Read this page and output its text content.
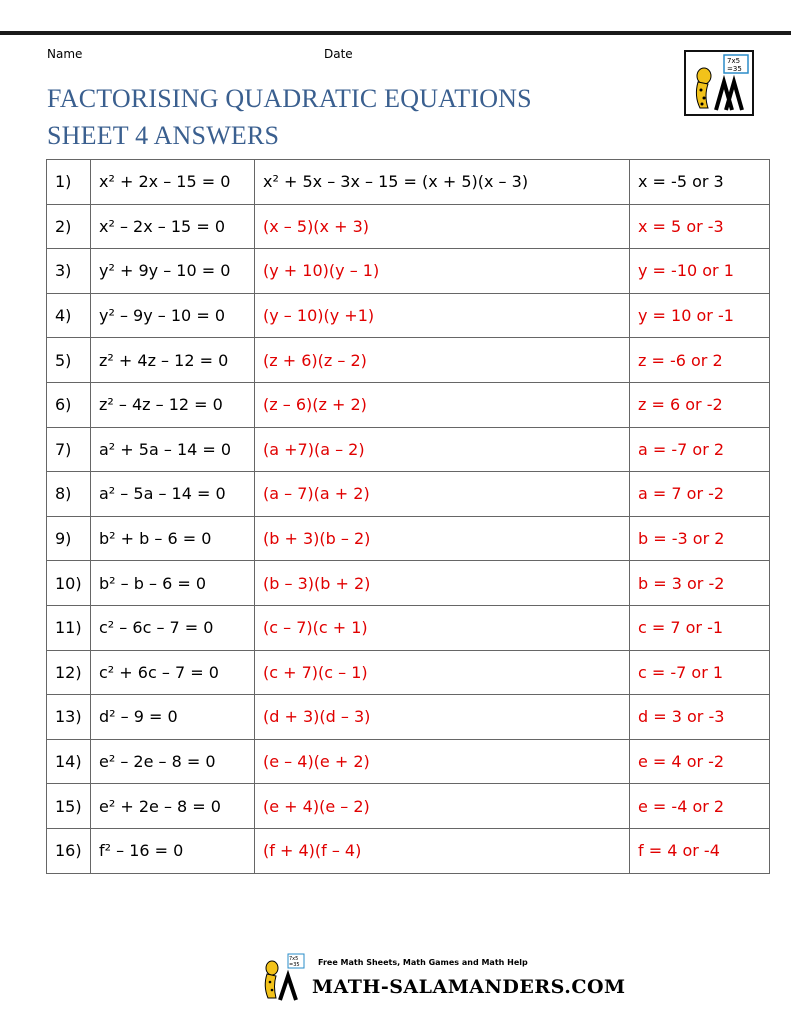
Name	Date
FACTORISING QUADRATIC EQUATIONS
SHEET 4 ANSWERS
7x5
=35
1)	x² + 2x – 15 = 0	x² + 5x – 3x – 15 = (x + 5)(x – 3)	x = -5 or 3
2)	x² – 2x – 15 = 0	(x – 5)(x + 3)	x = 5 or -3
3)	y² + 9y – 10 = 0	(y + 10)(y – 1)	y = -10 or 1
4)	y² – 9y – 10 = 0	(y – 10)(y +1)	y = 10 or -1
5)	z² + 4z – 12 = 0	(z + 6)(z – 2)	z = -6 or 2
6)	z² – 4z – 12 = 0	(z – 6)(z + 2)	z = 6 or -2
7)	a² + 5a – 14 = 0	(a +7)(a – 2)	a = -7 or 2
8)	a² – 5a – 14 = 0	(a – 7)(a + 2)	a = 7 or -2
9)	b² + b – 6 = 0	(b + 3)(b – 2)	b = -3 or 2
10)	b² – b – 6 = 0	(b – 3)(b + 2)	b = 3 or -2
11)	c² – 6c – 7 = 0	(c – 7)(c + 1)	c = 7 or -1
12)	c² + 6c – 7 = 0	(c + 7)(c – 1)	c = -7 or 1
13)	d² – 9 = 0	(d + 3)(d – 3)	d = 3 or -3
14)	e² – 2e – 8 = 0	(e – 4)(e + 2)	e = 4 or -2
15)	e² + 2e – 8 = 0	(e + 4)(e – 2)	e = -4 or 2
16)	f² – 16 = 0	(f + 4)(f – 4)	f = 4 or -4
7x5
=35 Free Math Sheets, Math Games and Math Help
MATH-SALAMANDERS.COM
